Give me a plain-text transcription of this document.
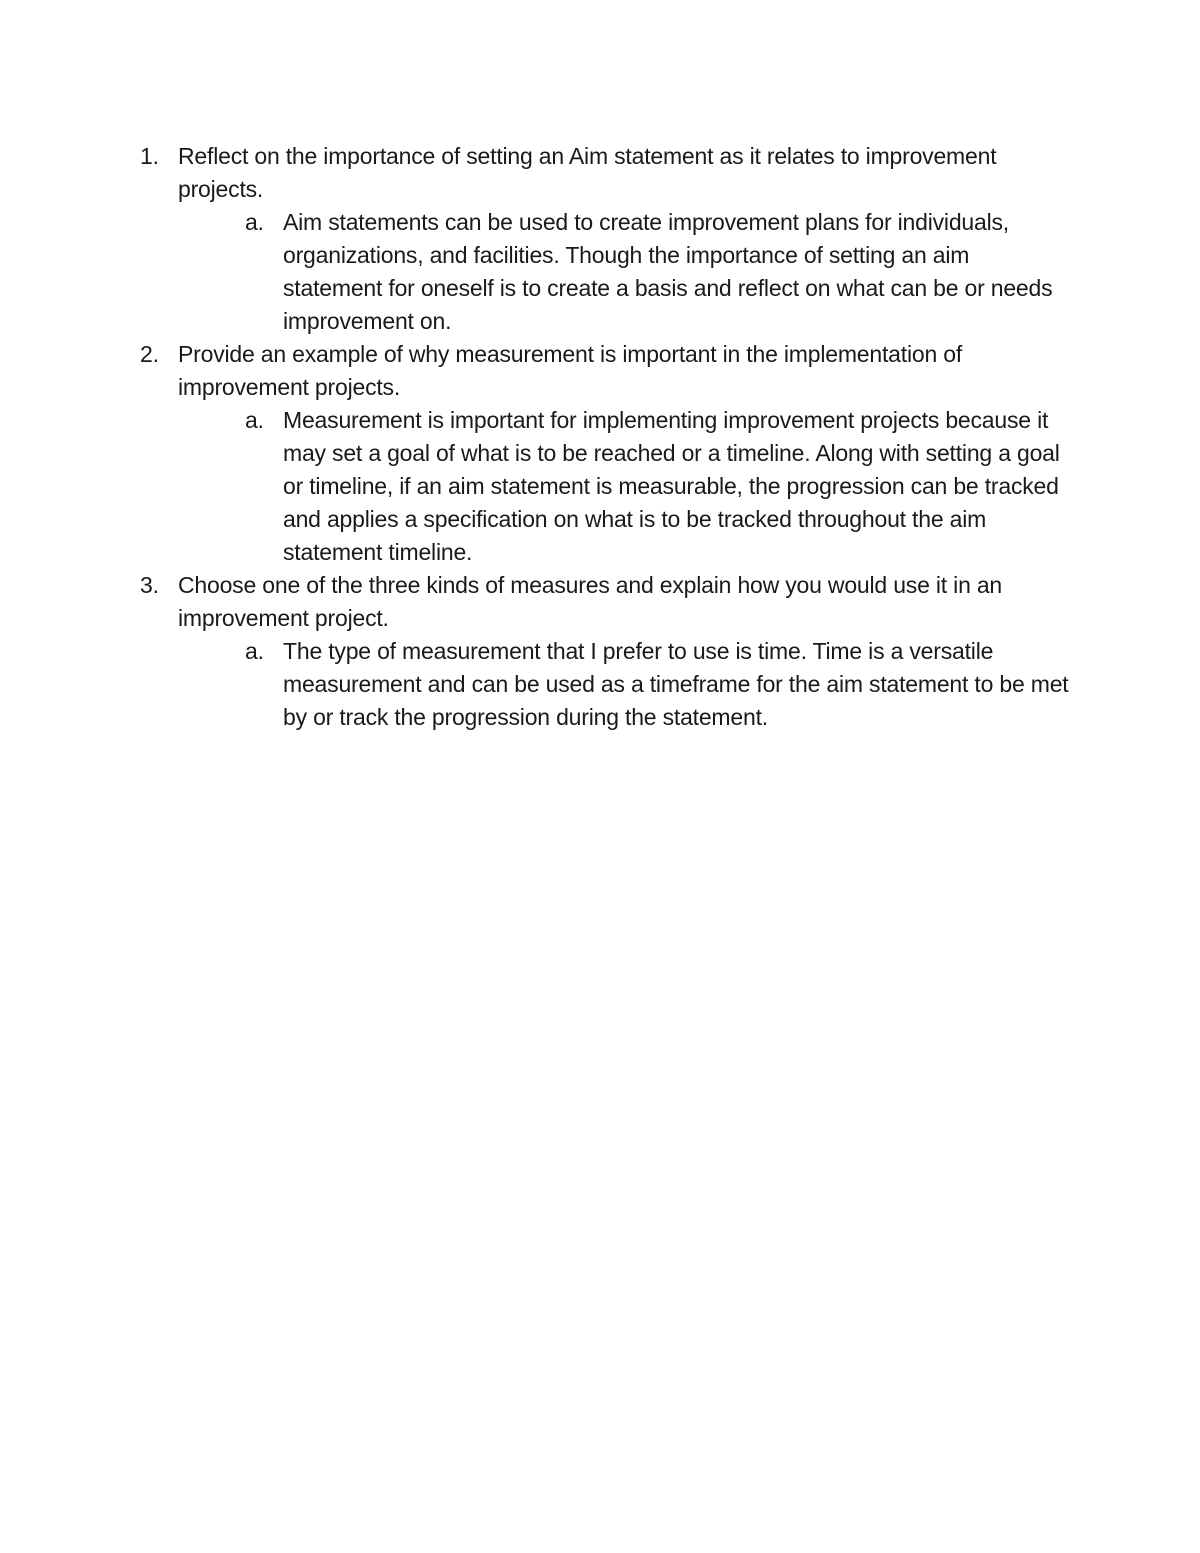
1. Reflect on the importance of setting an Aim statement as it relates to improvement projects.
a. Aim statements can be used to create improvement plans for individuals, organizations, and facilities. Though the importance of setting an aim statement for oneself is to create a basis and reflect on what can be or needs improvement on.
2. Provide an example of why measurement is important in the implementation of improvement projects.
a. Measurement is important for implementing improvement projects because it may set a goal of what is to be reached or a timeline. Along with setting a goal or timeline, if an aim statement is measurable, the progression can be tracked and applies a specification on what is to be tracked throughout the aim statement timeline.
3. Choose one of the three kinds of measures and explain how you would use it in an improvement project.
a. The type of measurement that I prefer to use is time. Time is a versatile measurement and can be used as a timeframe for the aim statement to be met by or track the progression during the statement.
